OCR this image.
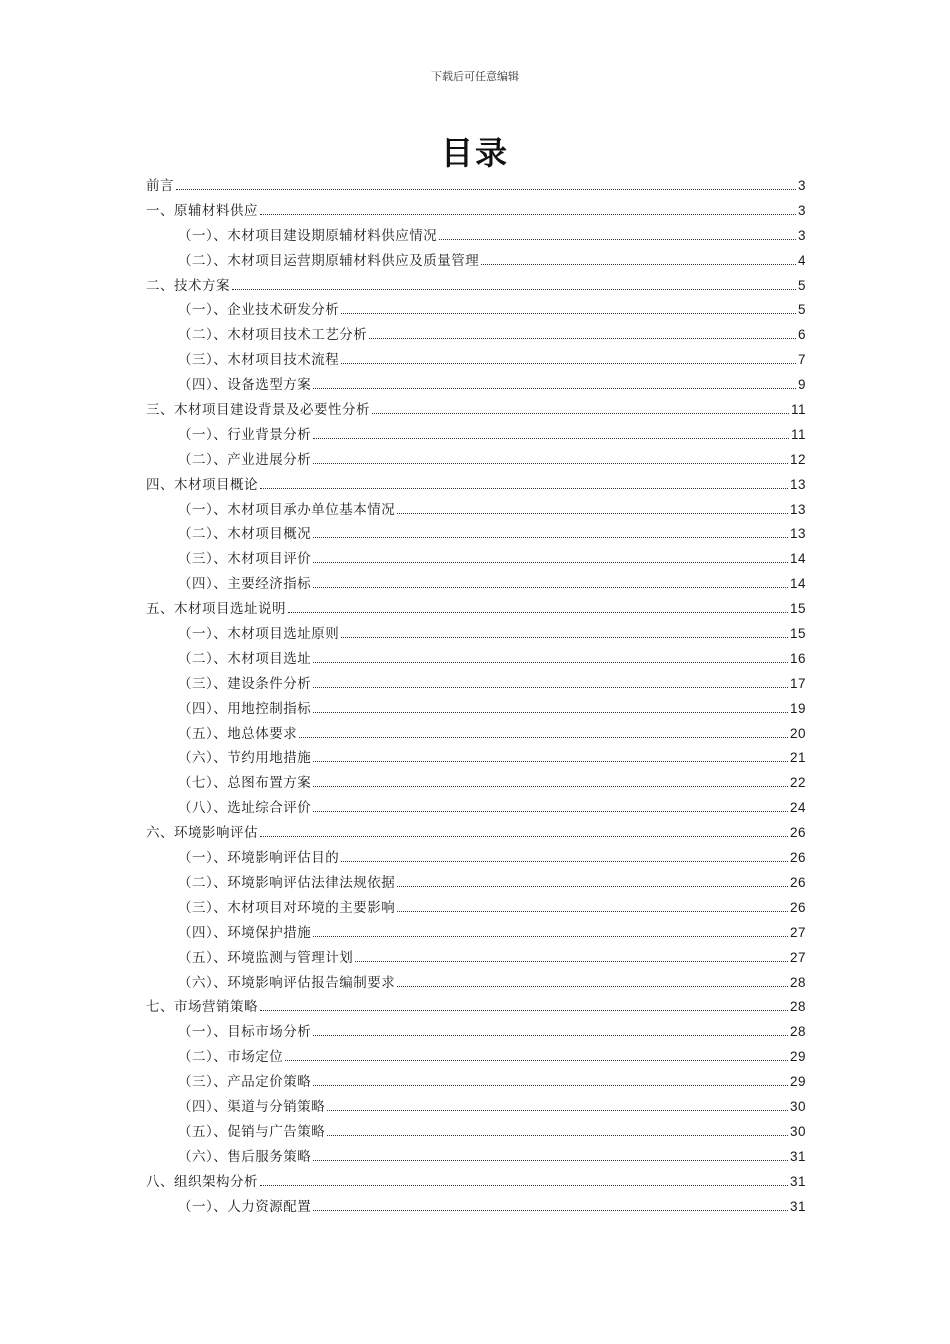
下载后可任意编辑
目录
前言	3
一、原辅材料供应	3
（一）、木材项目建设期原辅材料供应情况	3
（二）、木材项目运营期原辅材料供应及质量管理	4
二、技术方案	5
（一）、企业技术研发分析	5
（二）、木材项目技术工艺分析	6
（三）、木材项目技术流程	7
（四）、设备选型方案	9
三、木材项目建设背景及必要性分析	11
（一）、行业背景分析	11
（二）、产业进展分析	12
四、木材项目概论	13
（一）、木材项目承办单位基本情况	13
（二）、木材项目概况	13
（三）、木材项目评价	14
（四）、主要经济指标	14
五、木材项目选址说明	15
（一）、木材项目选址原则	15
（二）、木材项目选址	16
（三）、建设条件分析	17
（四）、用地控制指标	19
（五）、地总体要求	20
（六）、节约用地措施	21
（七）、总图布置方案	22
（八）、选址综合评价	24
六、环境影响评估	26
（一）、环境影响评估目的	26
（二）、环境影响评估法律法规依据	26
（三）、木材项目对环境的主要影响	26
（四）、环境保护措施	27
（五）、环境监测与管理计划	27
（六）、环境影响评估报告编制要求	28
七、市场营销策略	28
（一）、目标市场分析	28
（二）、市场定位	29
（三）、产品定价策略	29
（四）、渠道与分销策略	30
（五）、促销与广告策略	30
（六）、售后服务策略	31
八、组织架构分析	31
（一）、人力资源配置	31
